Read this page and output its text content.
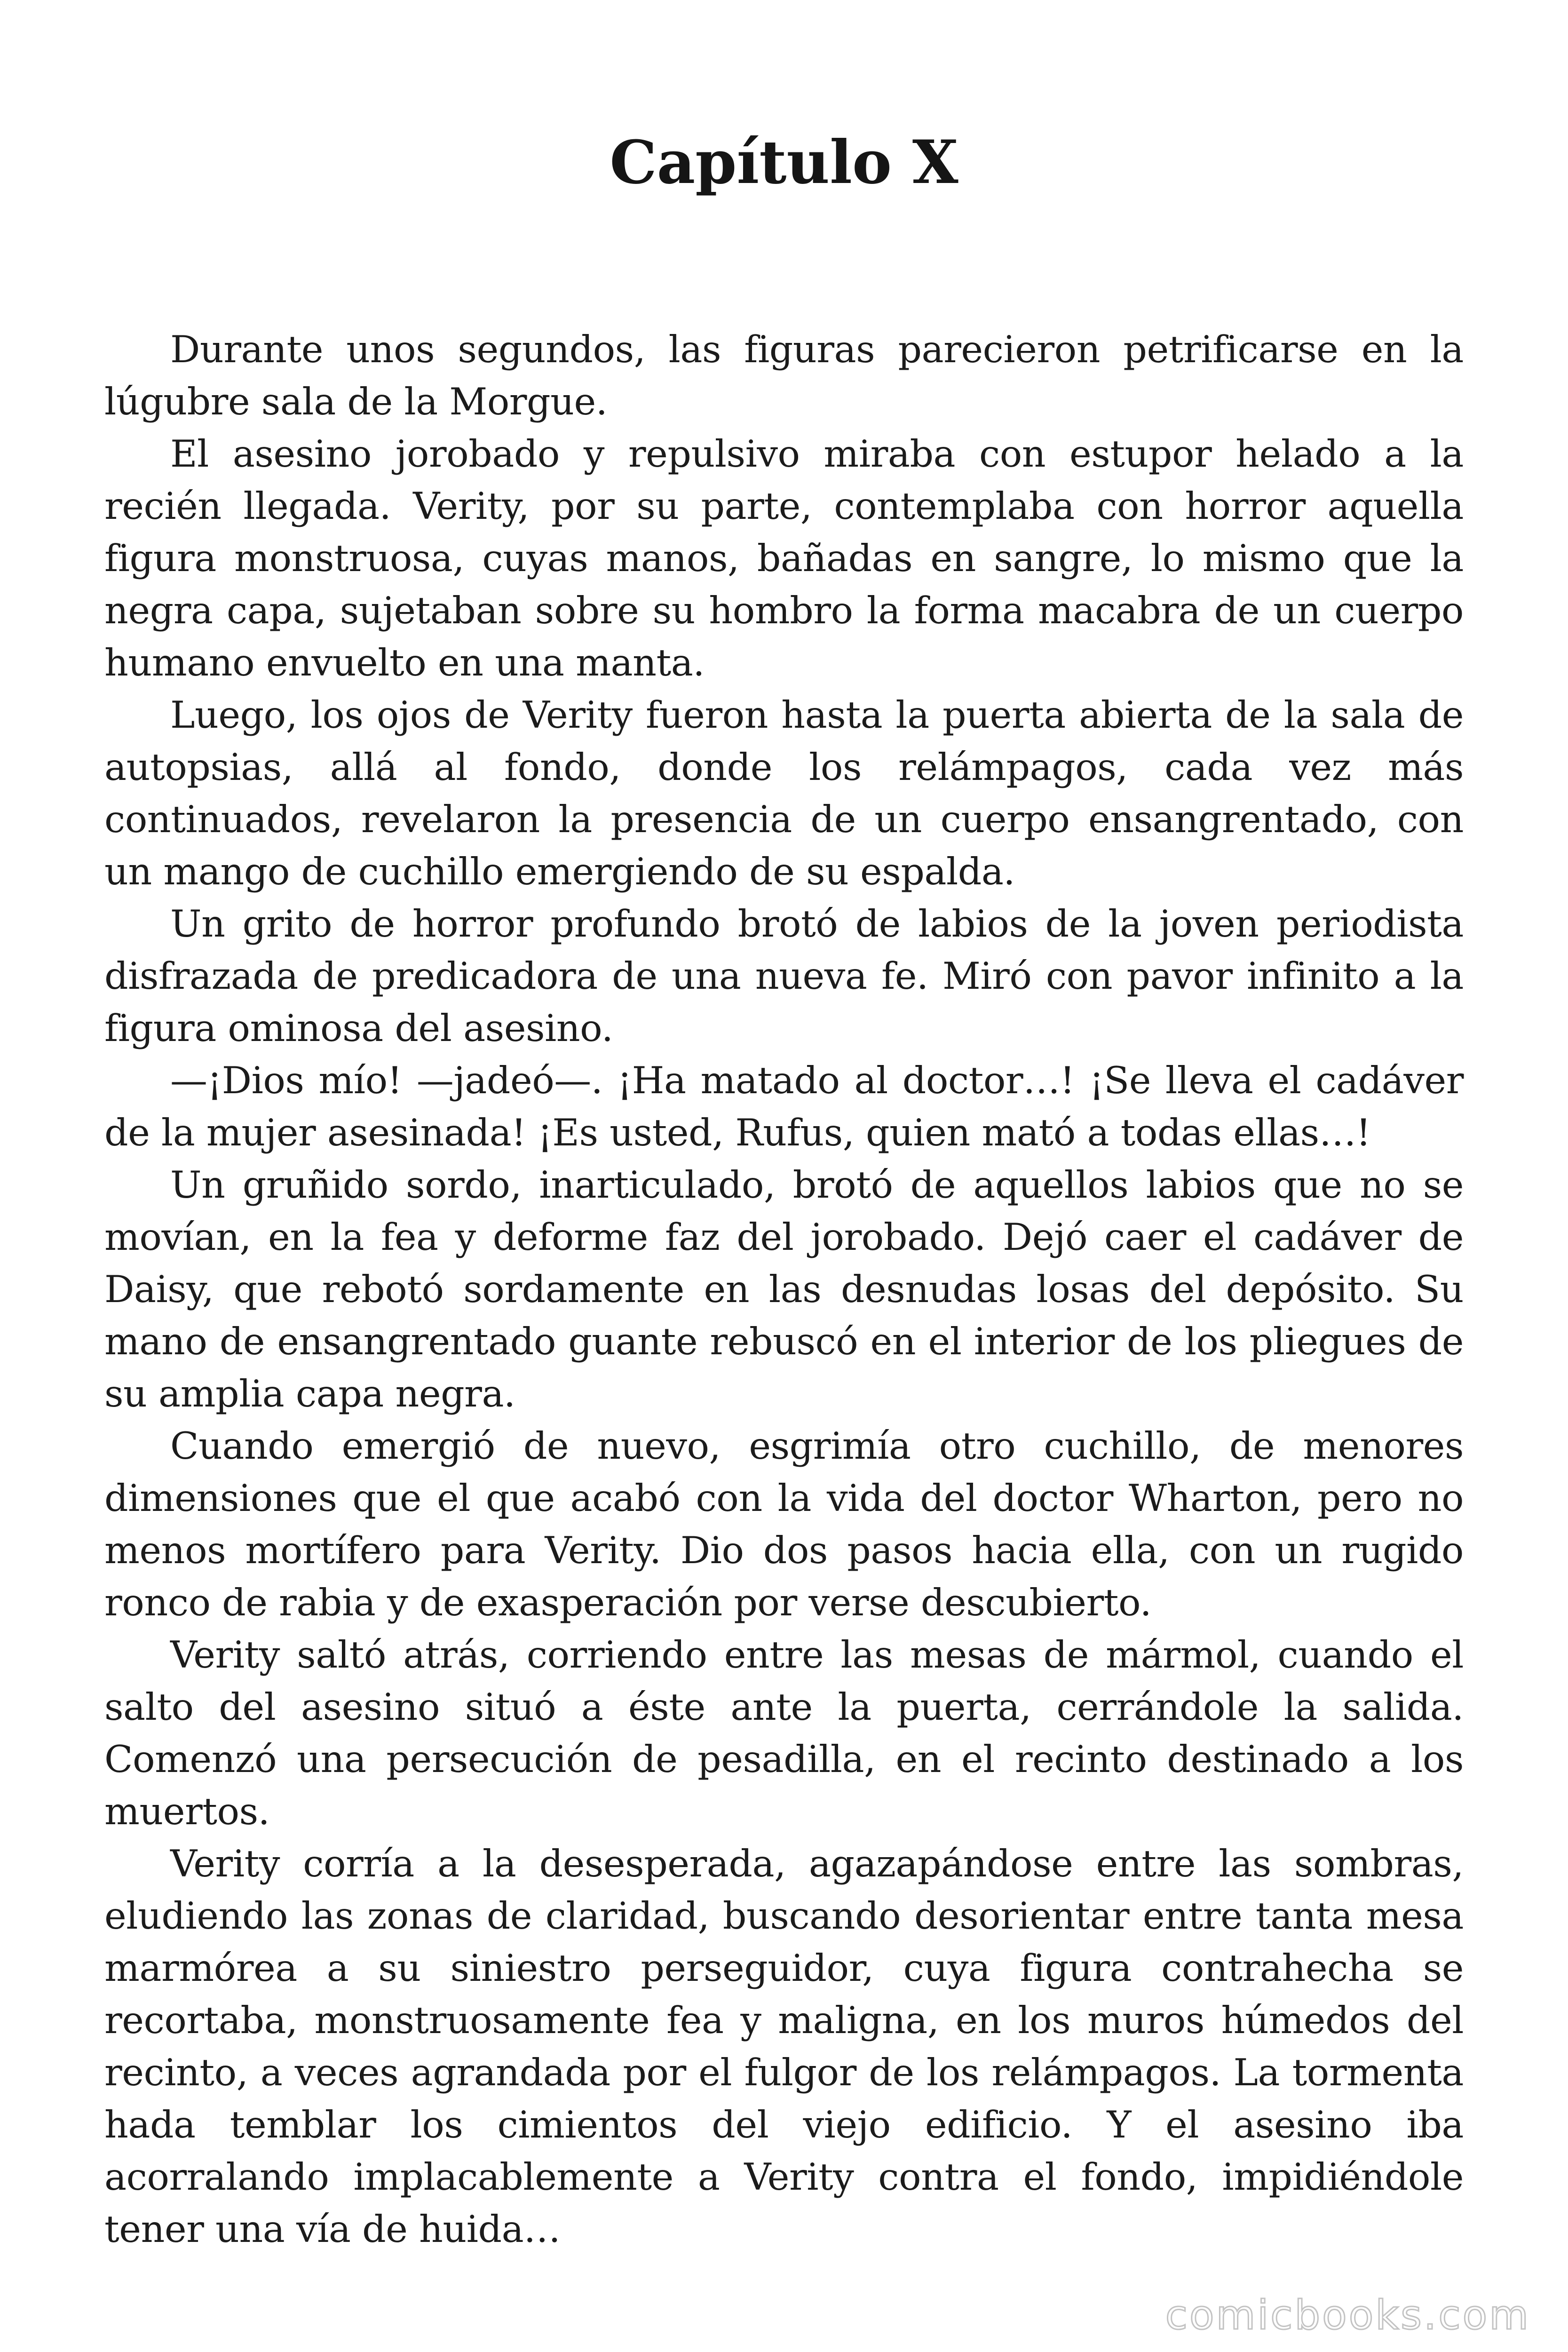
Capítulo X

Durante unos segundos, las figuras parecieron petrificarse en la lúgubre sala de la Morgue.

El asesino jorobado y repulsivo miraba con estupor helado a la recién llegada. Verity, por su parte, contemplaba con horror aquella figura monstruosa, cuyas manos, bañadas en sangre, lo mismo que la negra capa, sujetaban sobre su hombro la forma macabra de un cuerpo humano envuelto en una manta.

Luego, los ojos de Verity fueron hasta la puerta abierta de la sala de autopsias, allá al fondo, donde los relámpagos, cada vez más continuados, revelaron la presencia de un cuerpo ensangrentado, con un mango de cuchillo emergiendo de su espalda.

Un grito de horror profundo brotó de labios de la joven periodista disfrazada de predicadora de una nueva fe. Miró con pavor infinito a la figura ominosa del asesino.

—¡Dios mío! —jadeó—. ¡Ha matado al doctor…! ¡Se lleva el cadáver de la mujer asesinada! ¡Es usted, Rufus, quien mató a todas ellas…!

Un gruñido sordo, inarticulado, brotó de aquellos labios que no se movían, en la fea y deforme faz del jorobado. Dejó caer el cadáver de Daisy, que rebotó sordamente en las desnudas losas del depósito. Su mano de ensangrentado guante rebuscó en el interior de los pliegues de su amplia capa negra.

Cuando emergió de nuevo, esgrimía otro cuchillo, de menores dimensiones que el que acabó con la vida del doctor Wharton, pero no menos mortífero para Verity. Dio dos pasos hacia ella, con un rugido ronco de rabia y de exasperación por verse descubierto.

Verity saltó atrás, corriendo entre las mesas de mármol, cuando el salto del asesino situó a éste ante la puerta, cerrándole la salida. Comenzó una persecución de pesadilla, en el recinto destinado a los muertos.

Verity corría a la desesperada, agazapándose entre las sombras, eludiendo las zonas de claridad, buscando desorientar entre tanta mesa marmórea a su siniestro perseguidor, cuya figura contrahecha se recortaba, monstruosamente fea y maligna, en los muros húmedos del recinto, a veces agrandada por el fulgor de los relámpagos. La tormenta hada temblar los cimientos del viejo edificio. Y el asesino iba acorralando implacablemente a Verity contra el fondo, impidiéndole tener una vía de huida…

comicbooks.com
